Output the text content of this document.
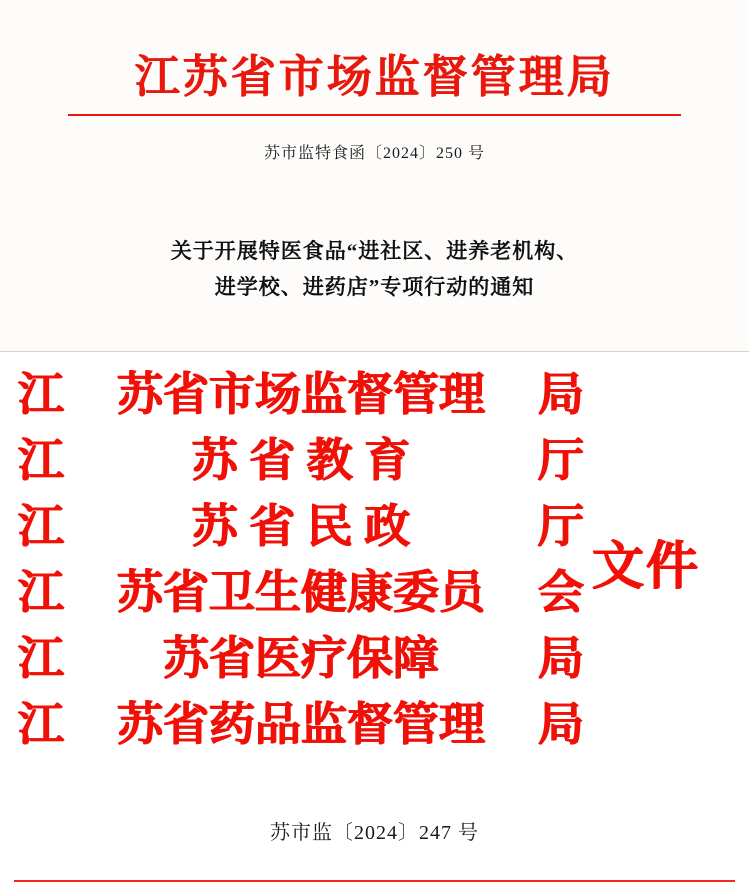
江苏省市场监督管理局
苏市监特食函〔2024〕250 号
关于开展特医食品“进社区、进养老机构、
进学校、进药店”专项行动的通知
江 苏省市场监督管理 局
江	苏 省 教 育	厅
江	苏 省 民 政	厅
江 苏省卫生健康委员 会
江 苏省医疗保障 局
江 苏省药品监督管理 局
文件
苏市监〔2024〕247 号
